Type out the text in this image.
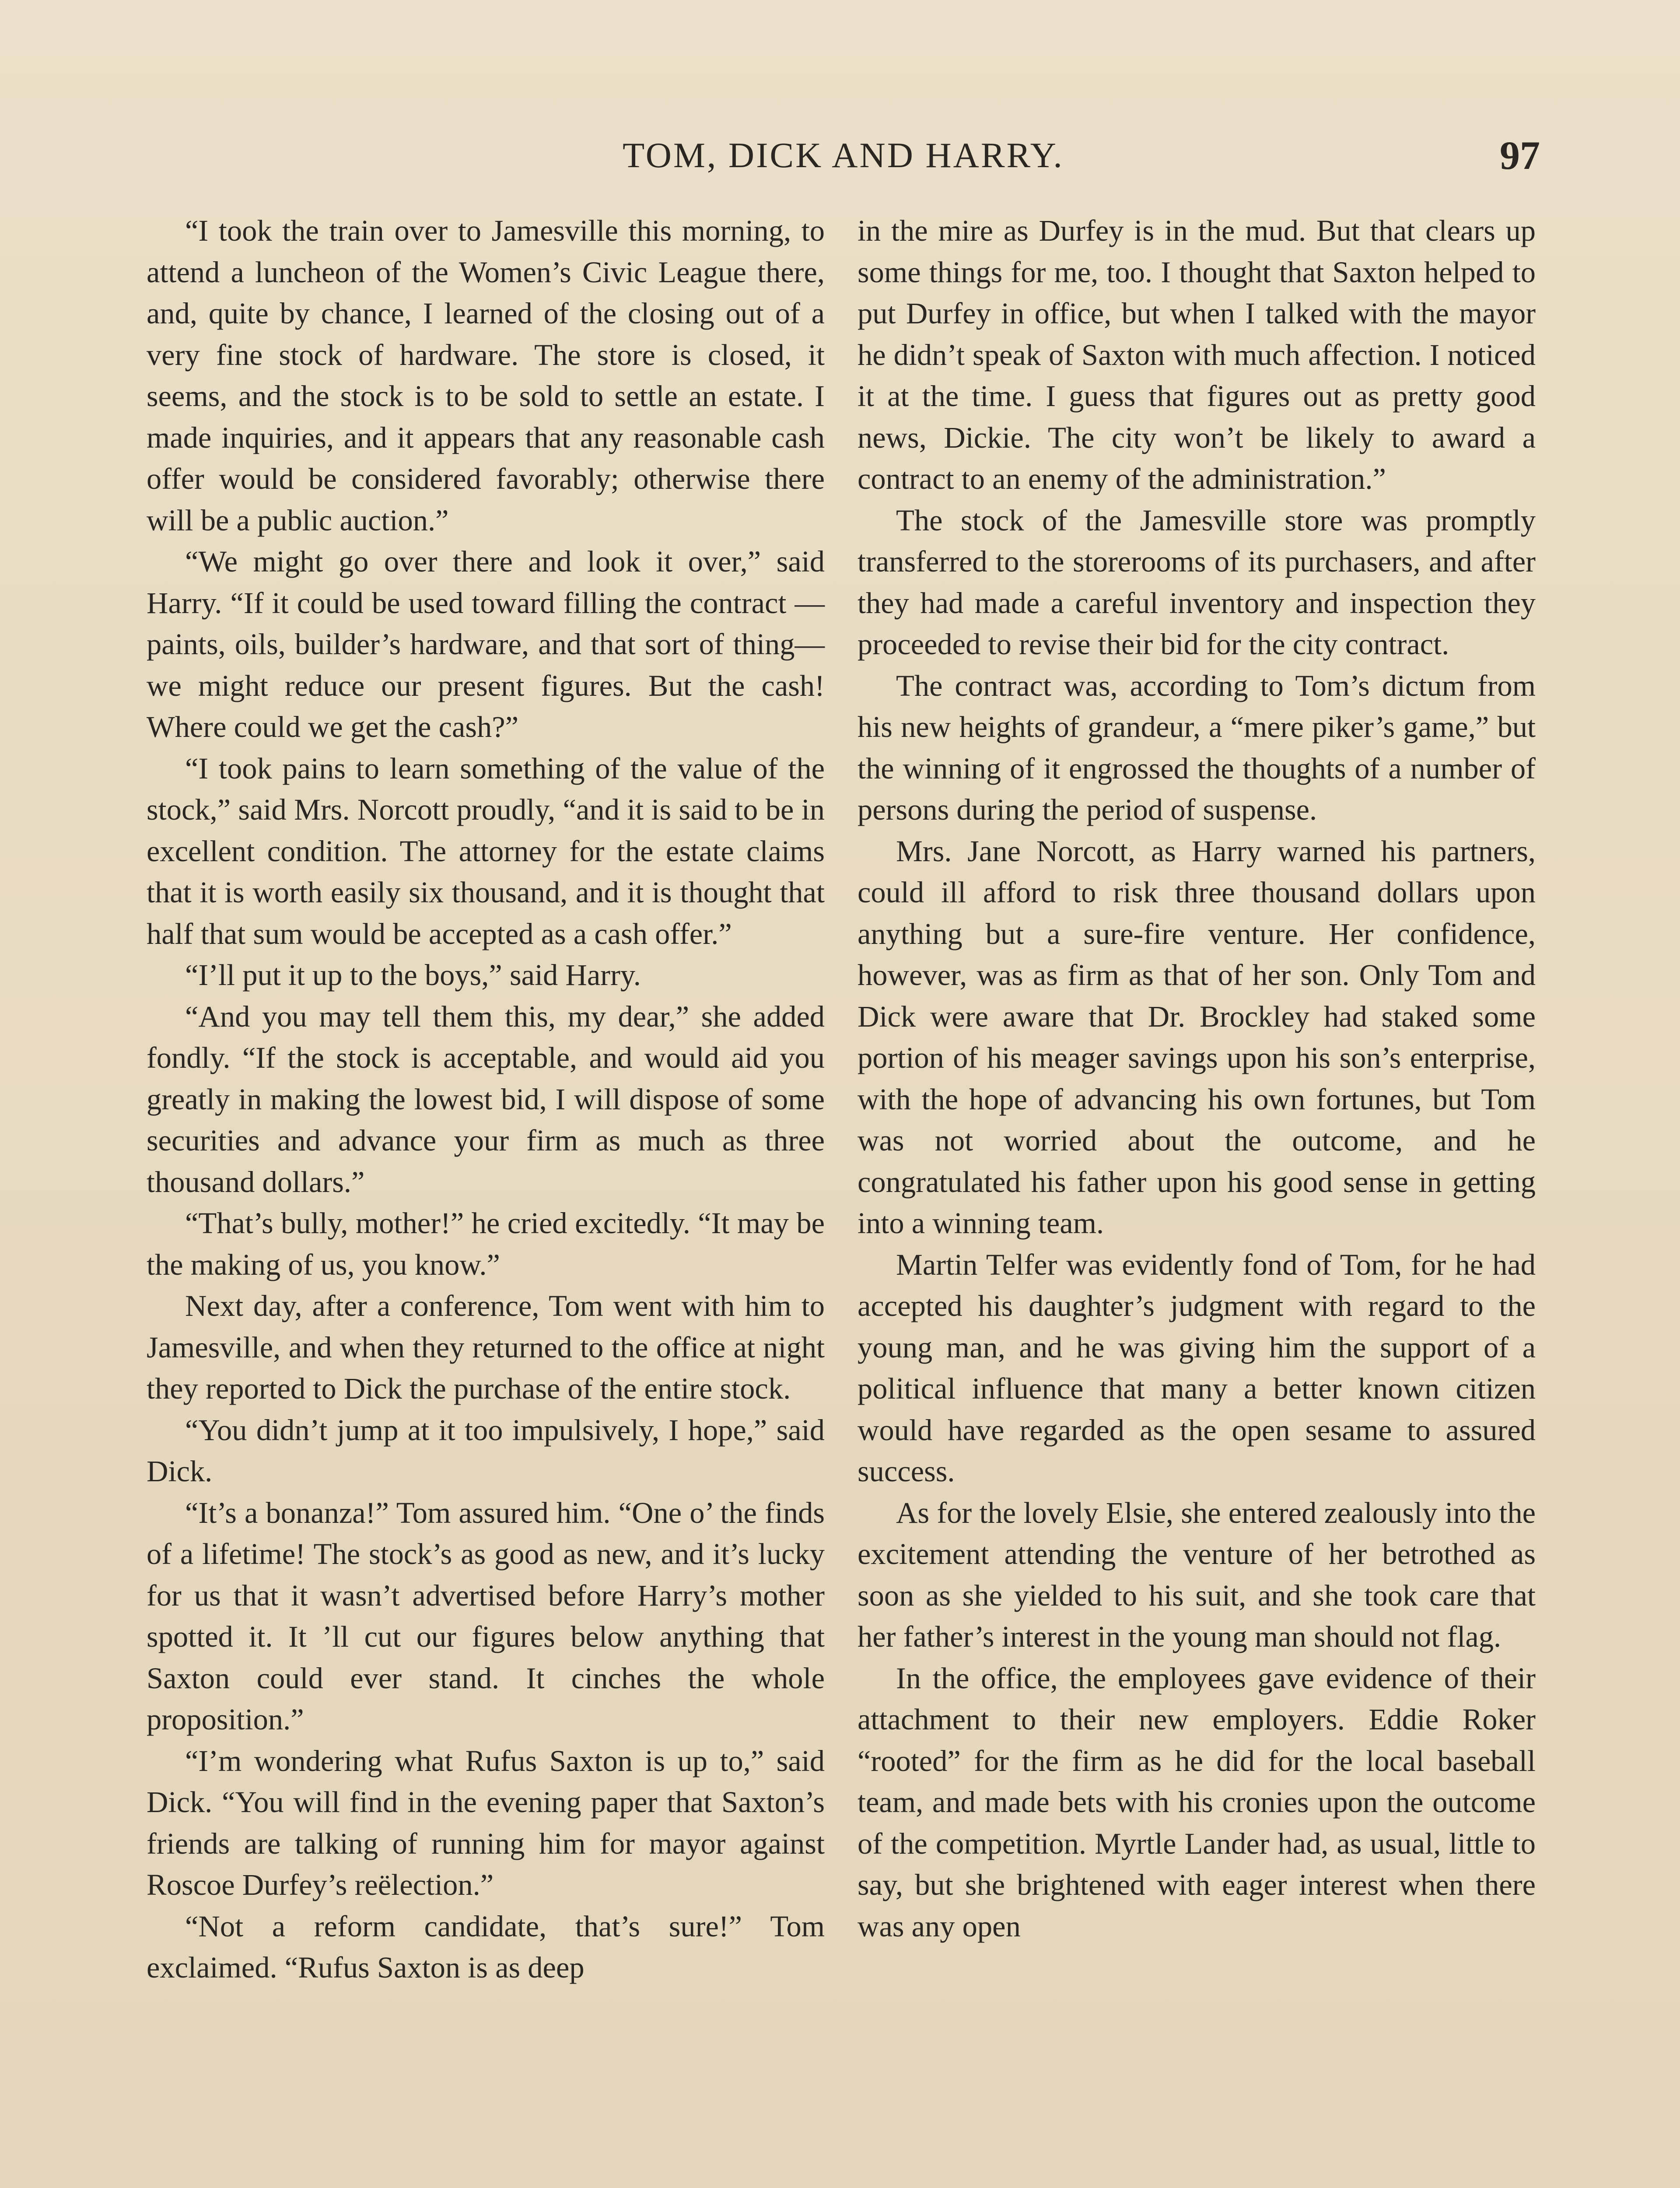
TOM, DICK AND HARRY.	97

“I took the train over to Jamesville this morning, to attend a luncheon of the Women’s Civic League there, and, quite by chance, I learned of the closing out of a very fine stock of hardware. The store is closed, it seems, and the stock is to be sold to settle an estate. I made inquiries, and it appears that any reasonable cash offer would be considered favorably; otherwise there will be a public auction.”

“We might go over there and look it over,” said Harry. “If it could be used toward filling the contract — paints, oils, builder’s hardware, and that sort of thing— we might reduce our present figures. But the cash! Where could we get the cash?”

“I took pains to learn something of the value of the stock,” said Mrs. Norcott proudly, “and it is said to be in excellent condition. The attorney for the estate claims that it is worth easily six thousand, and it is thought that half that sum would be accepted as a cash offer.”

“I’ll put it up to the boys,” said Harry.

“And you may tell them this, my dear,” she added fondly. “If the stock is acceptable, and would aid you greatly in making the lowest bid, I will dispose of some securities and advance your firm as much as three thousand dollars.”

“That’s bully, mother!” he cried excitedly. “It may be the making of us, you know.”

Next day, after a conference, Tom went with him to Jamesville, and when they returned to the office at night they reported to Dick the purchase of the entire stock.

“You didn’t jump at it too impulsively, I hope,” said Dick.

“It’s a bonanza!” Tom assured him. “One o’ the finds of a lifetime! The stock’s as good as new, and it’s lucky for us that it wasn’t advertised before Harry’s mother spotted it. It ’ll cut our figures below anything that Saxton could ever stand. It cinches the whole proposition.”

“I’m wondering what Rufus Saxton is up to,” said Dick. “You will find in the evening paper that Saxton’s friends are talking of running him for mayor against Roscoe Durfey’s reëlection.”

“Not a reform candidate, that’s sure!” Tom exclaimed. “Rufus Saxton is as deep

in the mire as Durfey is in the mud. But that clears up some things for me, too. I thought that Saxton helped to put Durfey in office, but when I talked with the mayor he didn’t speak of Saxton with much affection. I noticed it at the time. I guess that figures out as pretty good news, Dickie. The city won’t be likely to award a contract to an enemy of the administration.”

The stock of the Jamesville store was promptly transferred to the storerooms of its purchasers, and after they had made a careful inventory and inspection they proceeded to revise their bid for the city contract.

The contract was, according to Tom’s dictum from his new heights of grandeur, a “mere piker’s game,” but the winning of it engrossed the thoughts of a number of persons during the period of suspense.

Mrs. Jane Norcott, as Harry warned his partners, could ill afford to risk three thousand dollars upon anything but a sure-fire venture. Her confidence, however, was as firm as that of her son. Only Tom and Dick were aware that Dr. Brockley had staked some portion of his meager savings upon his son’s enterprise, with the hope of advancing his own fortunes, but Tom was not worried about the outcome, and he congratulated his father upon his good sense in getting into a winning team.

Martin Telfer was evidently fond of Tom, for he had accepted his daughter’s judgment with regard to the young man, and he was giving him the support of a political influence that many a better known citizen would have regarded as the open sesame to assured success.

As for the lovely Elsie, she entered zealously into the excitement attending the venture of her betrothed as soon as she yielded to his suit, and she took care that her father’s interest in the young man should not flag.

In the office, the employees gave evidence of their attachment to their new employers. Eddie Roker “rooted” for the firm as he did for the local baseball team, and made bets with his cronies upon the outcome of the competition. Myrtle Lander had, as usual, little to say, but she brightened with eager interest when there was any open
